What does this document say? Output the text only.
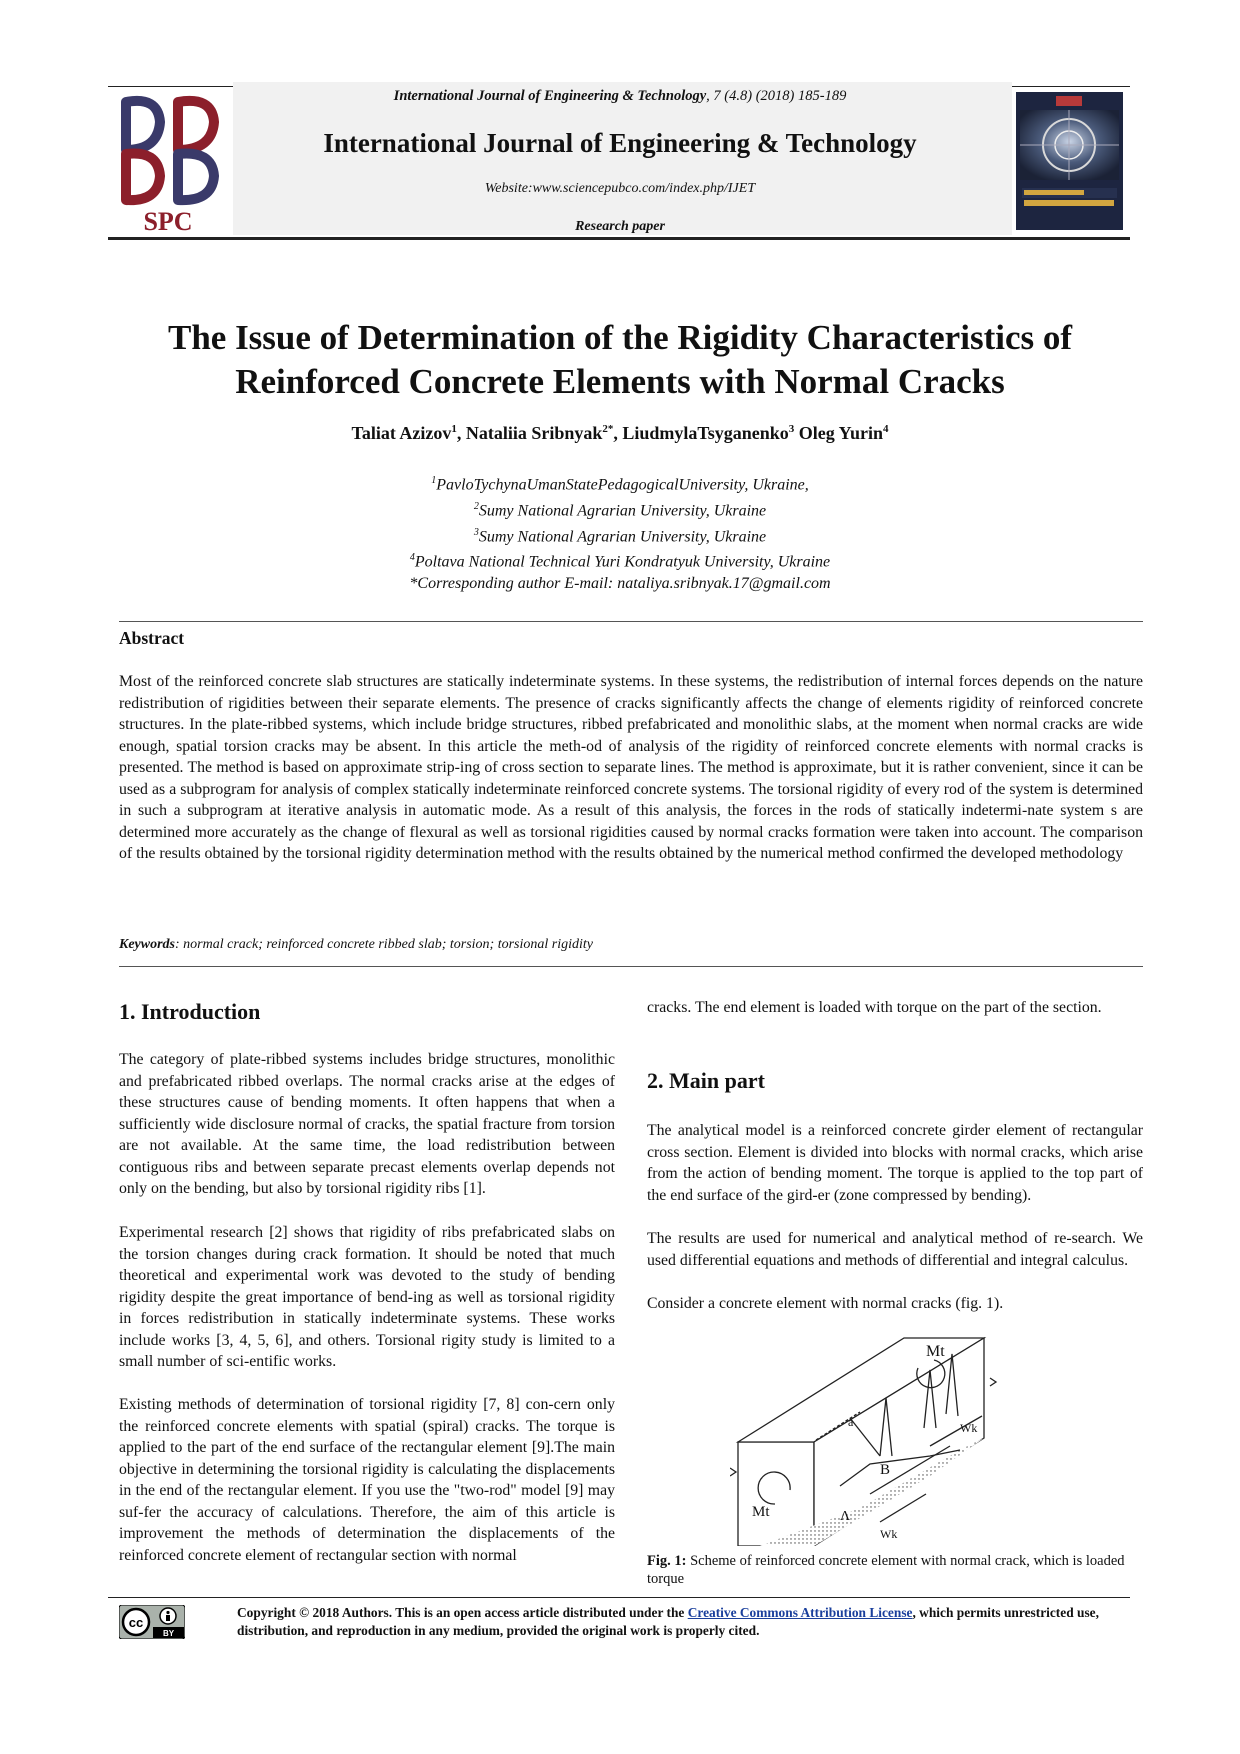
SPC
International Journal of Engineering & Technology, 7 (4.8) (2018) 185-189
International Journal of Engineering & Technology
Website:www.sciencepubco.com/index.php/IJET
Research paper
The Issue of Determination of the Rigidity Characteristics of
Reinforced Concrete Elements with Normal Cracks
Taliat Azizov$^1$, Nataliia Sribnyak$^{2*}$, LiudmylaTsyganenko$^3$ Oleg Yurin$^4$
$^1$PavloTychynaUmanStatePedagogicalUniversity, Ukraine,
$^2$Sumy National Agrarian University, Ukraine
$^3$Sumy National Agrarian University, Ukraine
$^4$Poltava National Technical Yuri Kondratyuk University, Ukraine
*Corresponding author E-mail: nataliya.sribnyak.17@gmail.com
Abstract
Most of the reinforced concrete slab structures are statically indeterminate systems. In these systems, the redistribution of internal forces depends on the nature redistribution of rigidities between their separate elements. The presence of cracks significantly affects the change of elements rigidity of reinforced concrete structures. In the plate-ribbed systems, which include bridge structures, ribbed prefabricated and monolithic slabs, at the moment when normal cracks are wide enough, spatial torsion cracks may be absent. In this article the meth-od of analysis of the rigidity of reinforced concrete elements with normal cracks is presented. The method is based on approximate strip-ing of cross section to separate lines. The method is approximate, but it is rather convenient, since it can be used as a subprogram for analysis of complex statically indeterminate reinforced concrete systems. The torsional rigidity of every rod of the system is determined in such a subprogram at iterative analysis in automatic mode. As a result of this analysis, the forces in the rods of statically indetermi-nate system s are determined more accurately as the change of flexural as well as torsional rigidities caused by normal cracks formation were taken into account. The comparison of the results obtained by the torsional rigidity determination method with the results obtained by the numerical method confirmed the developed methodology
Keywords: normal crack; reinforced concrete ribbed slab; torsion; torsional rigidity
1. Introduction
The category of plate-ribbed systems includes bridge structures, monolithic and prefabricated ribbed overlaps. The normal cracks arise at the edges of these structures cause of bending moments. It often happens that when a sufficiently wide disclosure normal of cracks, the spatial fracture from torsion are not available. At the same time, the load redistribution between contiguous ribs and between separate precast elements overlap depends not only on the bending, but also by torsional rigidity ribs [1].
Experimental research [2] shows that rigidity of ribs prefabricated slabs on the torsion changes during crack formation. It should be noted that much theoretical and experimental work was devoted to the study of bending rigidity despite the great importance of bend-ing as well as torsional rigidity in forces redistribution in statically indeterminate systems. These works include works [3, 4, 5, 6], and others. Torsional rigity study is limited to a small number of sci-entific works.
Existing methods of determination of torsional rigidity [7, 8] con-cern only the reinforced concrete elements with spatial (spiral) cracks. The torque is applied to the part of the end surface of the rectangular element [9].The main objective in determining the torsional rigidity is calculating the displacements in the end of the rectangular element. If you use the "two-rod" model [9] may suf-fer the accuracy of calculations. Therefore, the aim of this article is improvement the methods of determination the displacements of the reinforced concrete element of rectangular section with normal
cracks. The end element is loaded with torque on the part of the section.
2. Main part
The analytical model is a reinforced concrete girder element of rectangular cross section. Element is divided into blocks with normal cracks, which arise from the action of bending moment. The torque is applied to the top part of the end surface of the gird-er (zone compressed by bending).
The results are used for numerical and analytical method of re-search. We used differential equations and methods of differential and integral calculus.
Consider a concrete element with normal cracks (fig. 1).
Mt
Mt
a
B
Λ
Wk
Wk
Fig. 1: Scheme of reinforced concrete element with normal crack, which is loaded torque
cc
BY
Copyright © 2018 Authors. This is an open access article distributed under the Creative Commons Attribution License, which permits unrestricted use, distribution, and reproduction in any medium, provided the original work is properly cited.
